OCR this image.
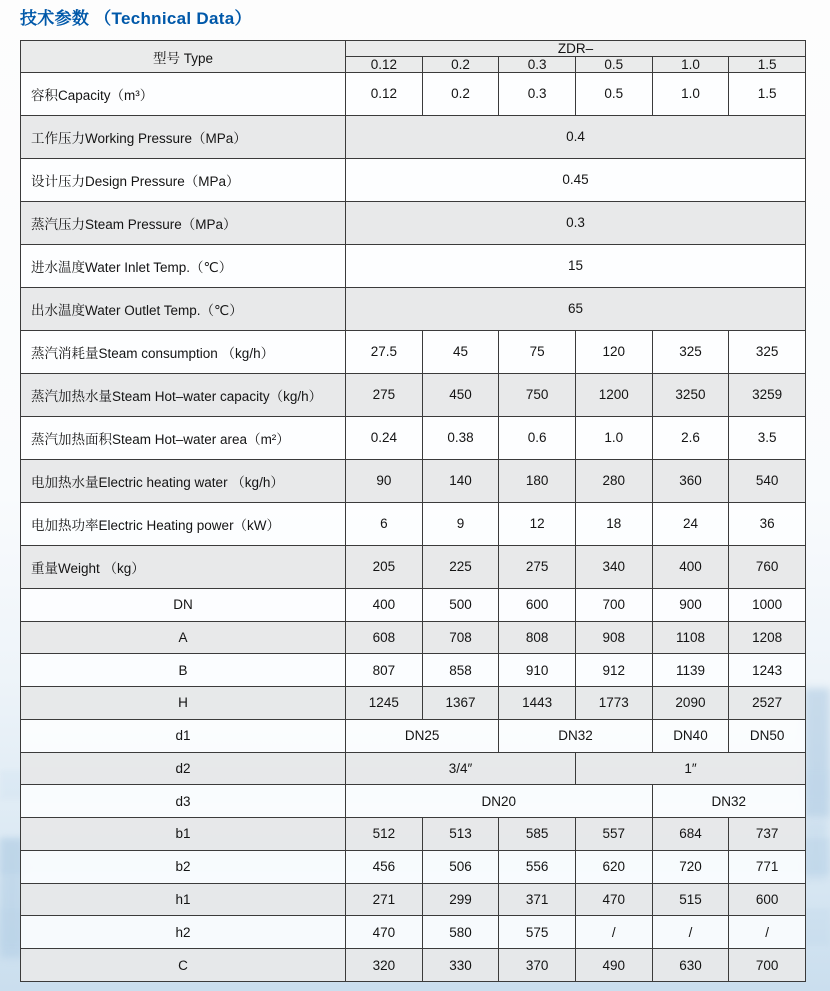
技术参数 （Technical Data）
型号 Type	ZDR–					
	0.12	0.2	0.3	0.5	1.0	1.5
容积Capacity（m³）	0.12	0.2	0.3	0.5	1.0	1.5
工作压力Working Pressure（MPa）	0.4					
设计压力Design Pressure（MPa）	0.45					
蒸汽压力Steam Pressure（MPa）	0.3					
进水温度Water Inlet Temp.（℃）	15					
出水温度Water Outlet Temp.（℃）	65					
蒸汽消耗量Steam consumption （kg/h）	27.5	45	75	120	325	325
蒸汽加热水量Steam Hot–water capacity（kg/h）	275	450	750	1200	3250	3259
蒸汽加热面积Steam Hot–water area（m²）	0.24	0.38	0.6	1.0	2.6	3.5
电加热水量Electric heating water （kg/h）	90	140	180	280	360	540
电加热功率Electric Heating power（kW）	6	9	12	18	24	36
重量Weight （kg）	205	225	275	340	400	760
DN	400	500	600	700	900	1000
A	608	708	808	908	1108	1208
B	807	858	910	912	1139	1243
H	1245	1367	1443	1773	2090	2527
d1	DN25		DN32		DN40	DN50
d2	3/4″			1″		
d3	DN20				DN32	
b1	512	513	585	557	684	737
b2	456	506	556	620	720	771
h1	271	299	371	470	515	600
h2	470	580	575	/	/	/
C	320	330	370	490	630	700
